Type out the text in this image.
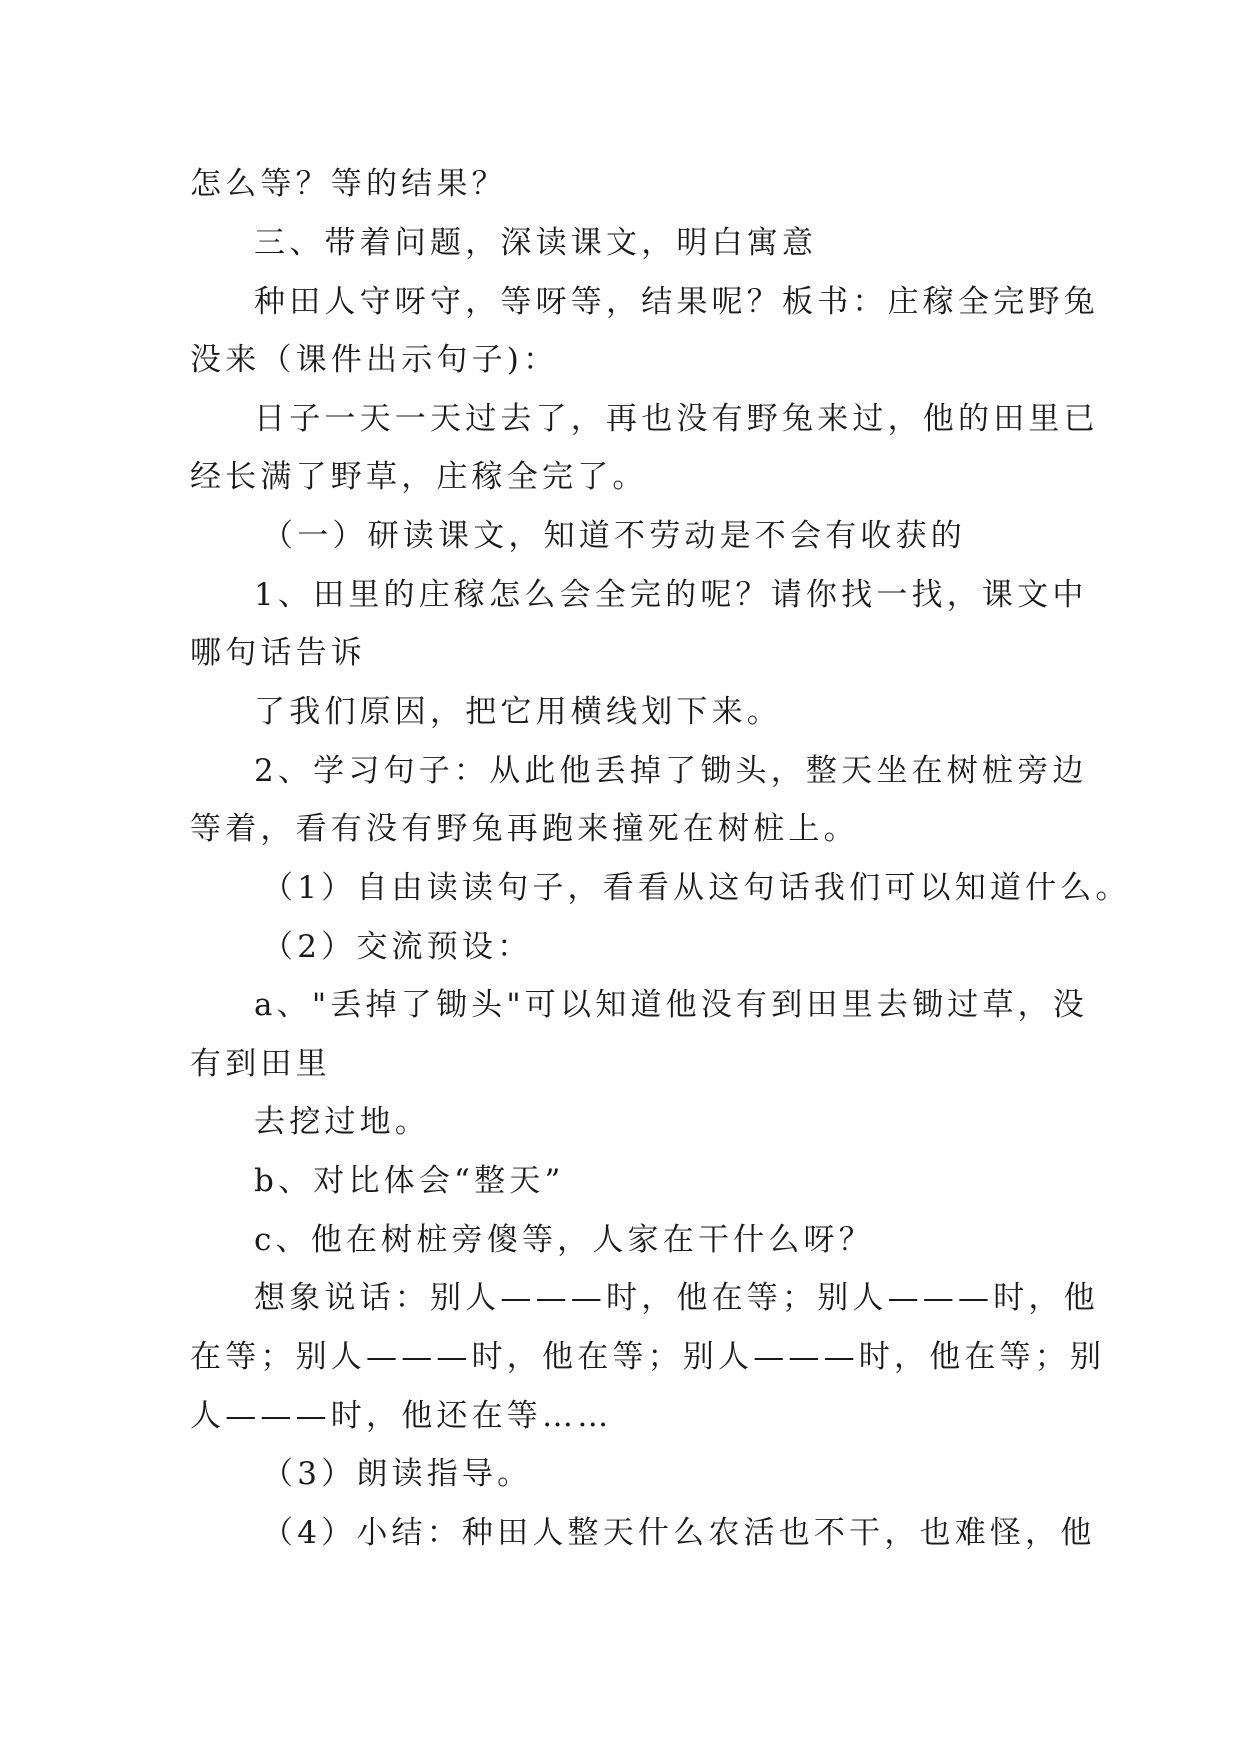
怎么等？等的结果？
三、带着问题，深读课文，明白寓意
种田人守呀守，等呀等，结果呢？板书：庄稼全完野兔
没来（课件出示句子)：
日子一天一天过去了，再也没有野兔来过，他的田里已
经长满了野草，庄稼全完了。
（一）研读课文，知道不劳动是不会有收获的
1、田里的庄稼怎么会全完的呢？请你找一找，课文中
哪句话告诉
了我们原因，把它用横线划下来。
2、学习句子：从此他丢掉了锄头，整天坐在树桩旁边
等着，看有没有野兔再跑来撞死在树桩上。
（1）自由读读句子，看看从这句话我们可以知道什么。
（2）交流预设：
a、"丢掉了锄头"可以知道他没有到田里去锄过草，没
有到田里
去挖过地。
b、对比体会“整天”
c、他在树桩旁傻等，人家在干什么呀？
想象说话：别人———时，他在等；别人———时，他
在等；别人———时，他在等；别人———时，他在等；别
人———时，他还在等……
（3）朗读指导。
（4）小结：种田人整天什么农活也不干，也难怪，他
